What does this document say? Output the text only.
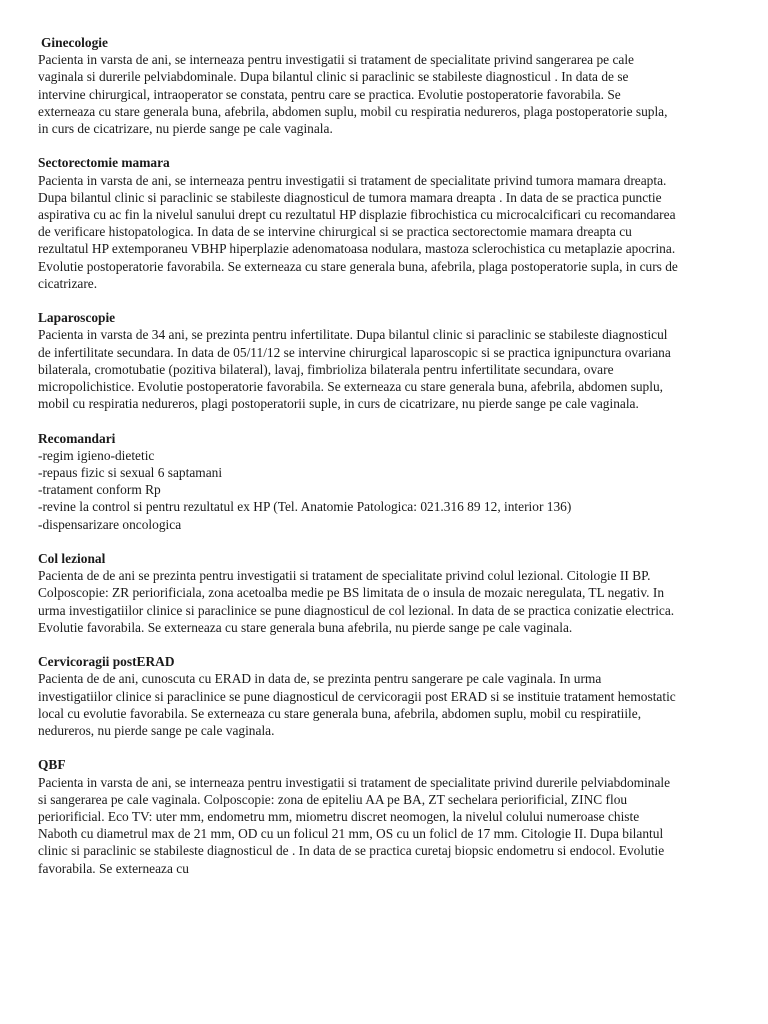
Ginecologie
Pacienta in varsta de ani, se interneaza pentru investigatii si tratament de specialitate privind sangerarea pe cale vaginala si durerile pelviabdominale. Dupa bilantul clinic si paraclinic se stabileste diagnosticul . In data de se intervine chirurgical, intraoperator se constata, pentru care se practica. Evolutie postoperatorie favorabila. Se externeaza cu stare generala buna, afebrila, abdomen suplu, mobil cu respiratia nedureros, plaga postoperatorie supla, in curs de cicatrizare, nu pierde sange pe cale vaginala.
Sectorectomie mamara
Pacienta in varsta de ani, se interneaza pentru investigatii si tratament de specialitate privind tumora mamara dreapta. Dupa bilantul clinic si paraclinic se stabileste diagnosticul de tumora mamara dreapta . In data de se practica punctie aspirativa cu ac fin la nivelul sanului drept cu rezultatul HP displazie fibrochistica cu microcalcificari cu recomandarea de verificare histopatologica. In data de se intervine chirurgical si se practica sectorectomie mamara dreapta cu rezultatul HP extemporaneu VBHP hiperplazie adenomatoasa nodulara, mastoza sclerochistica cu metaplazie apocrina. Evolutie postoperatorie favorabila. Se externeaza cu stare generala buna, afebrila, plaga postoperatorie supla, in curs de cicatrizare.
Laparoscopie
Pacienta in varsta de 34 ani, se prezinta pentru infertilitate. Dupa bilantul clinic si paraclinic se stabileste diagnosticul de infertilitate secundara. In data de 05/11/12 se intervine chirurgical laparoscopic si se practica ignipunctura ovariana bilaterala, cromotubatie (pozitiva bilateral), lavaj, fimbrioliza bilaterala pentru infertilitate secundara, ovare micropolichistice. Evolutie postoperatorie favorabila. Se externeaza cu stare generala buna, afebrila, abdomen suplu, mobil cu respiratia nedureros, plagi postoperatorii suple, in curs de cicatrizare, nu pierde sange pe cale vaginala.
Recomandari
-regim igieno-dietetic
-repaus fizic si sexual 6 saptamani
-tratament conform Rp
-revine la control si pentru rezultatul ex HP (Tel. Anatomie Patologica: 021.316 89 12, interior 136)
-dispensarizare oncologica
Col lezional
Pacienta de de ani se prezinta pentru investigatii si tratament de specialitate privind colul lezional. Citologie II BP. Colposcopie: ZR periorificiala, zona acetoalba medie pe BS limitata de o insula de mozaic neregulata, TL negativ. In urma investigatiilor clinice si paraclinice se pune diagnosticul de col lezional. In data de se practica conizatie electrica. Evolutie favorabila. Se externeaza cu stare generala buna afebrila, nu pierde sange pe cale vaginala.
Cervicoragii postERAD
Pacienta de de ani, cunoscuta cu ERAD in data de, se prezinta pentru sangerare pe cale vaginala. In urma investigatiilor clinice si paraclinice se pune diagnosticul de cervicoragii post ERAD si se instituie tratament hemostatic local cu evolutie favorabila. Se externeaza cu stare generala buna, afebrila, abdomen suplu, mobil cu respiratiile, nedureros, nu pierde sange pe cale vaginala.
QBF
Pacienta in varsta de ani, se interneaza pentru investigatii si tratament de specialitate privind durerile pelviabdominale si sangerarea pe cale vaginala. Colposcopie: zona de epiteliu AA pe BA, ZT sechelara periorificial, ZINC flou periorificial. Eco TV: uter mm, endometru mm, miometru discret neomogen, la nivelul colului numeroase chiste Naboth cu diametrul max de 21 mm, OD cu un folicul 21 mm, OS cu un folicl de 17 mm. Citologie II. Dupa bilantul clinic si paraclinic se stabileste diagnosticul de . In data de se practica curetaj biopsic endometru si endocol. Evolutie favorabila. Se externeaza cu
